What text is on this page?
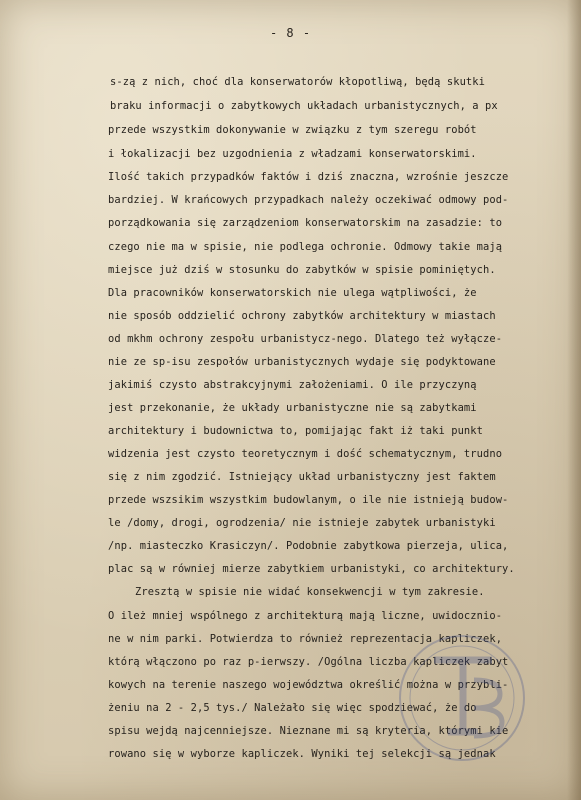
- 8 -
s-zą z nich, choć dla konserwatorów kłopotliwą, będą skutki
braku informacji o zabytkowych układach urbanistycznych, a px
przede wszystkim dokonywanie w związku z tym szeregu robót
i łokalizacji bez uzgodnienia z władzami konserwatorskimi.
Ilość takich przypadków faktów i dziś znaczna, wzrośnie jeszcze
bardziej. W krańcowych przypadkach należy oczekiwać odmowy pod-
porządkowania się zarządzeniom konserwatorskim na zasadzie: to
czego nie ma w spisie, nie podlega ochronie. Odmowy takie mają
miejsce już dziś w stosunku do zabytków w spisie pominiętych.
Dla pracowników konserwatorskich nie ulega wątpliwości, że
nie sposób oddzielić ochrony zabytków architektury w miastach
od mkhm ochrony zespołu urbanistycz-nego. Dlatego też wyłącze-
nie ze sp-isu zespołów urbanistycznych wydaje się podyktowane
jakimiś czysto abstrakcyjnymi założeniami. O ile przyczyną
jest przekonanie, że układy urbanistyczne nie są zabytkami
architektury i budownictwa to, pomijając fakt iż taki punkt
widzenia jest czysto teoretycznym i dość schematycznym, trudno
się z nim zgodzić. Istniejący układ urbanistyczny jest faktem
przede wszsikim wszystkim budowlanym, o ile nie istnieją budow-
le /domy, drogi, ogrodzenia/ nie istnieje zabytek urbanistyki
/np. miasteczko Krasiczyn/. Podobnie zabytkowa pierzeja, ulica,
plac są w równiej mierze zabytkiem urbanistyki, co architektury.
Zresztą w spisie nie widać konsekwencji w tym zakresie.
O ileż mniej wspólnego z architekturą mają liczne, uwidocznio-
ne w nim parki. Potwierdza to również reprezentacja kapliczek,
którą włączono po raz p-ierwszy. /Ogólna liczba kapliczek zabyt
kowych na terenie naszego województwa określić można w przybli-
żeniu na 2 - 2,5 tys./ Należało się więc spodziewać, że do
spisu wejdą najcenniejsze. Nieznane mi są kryteria, którymi kie
rowano się w wyborze kapliczek. Wyniki tej selekcji są jednak
